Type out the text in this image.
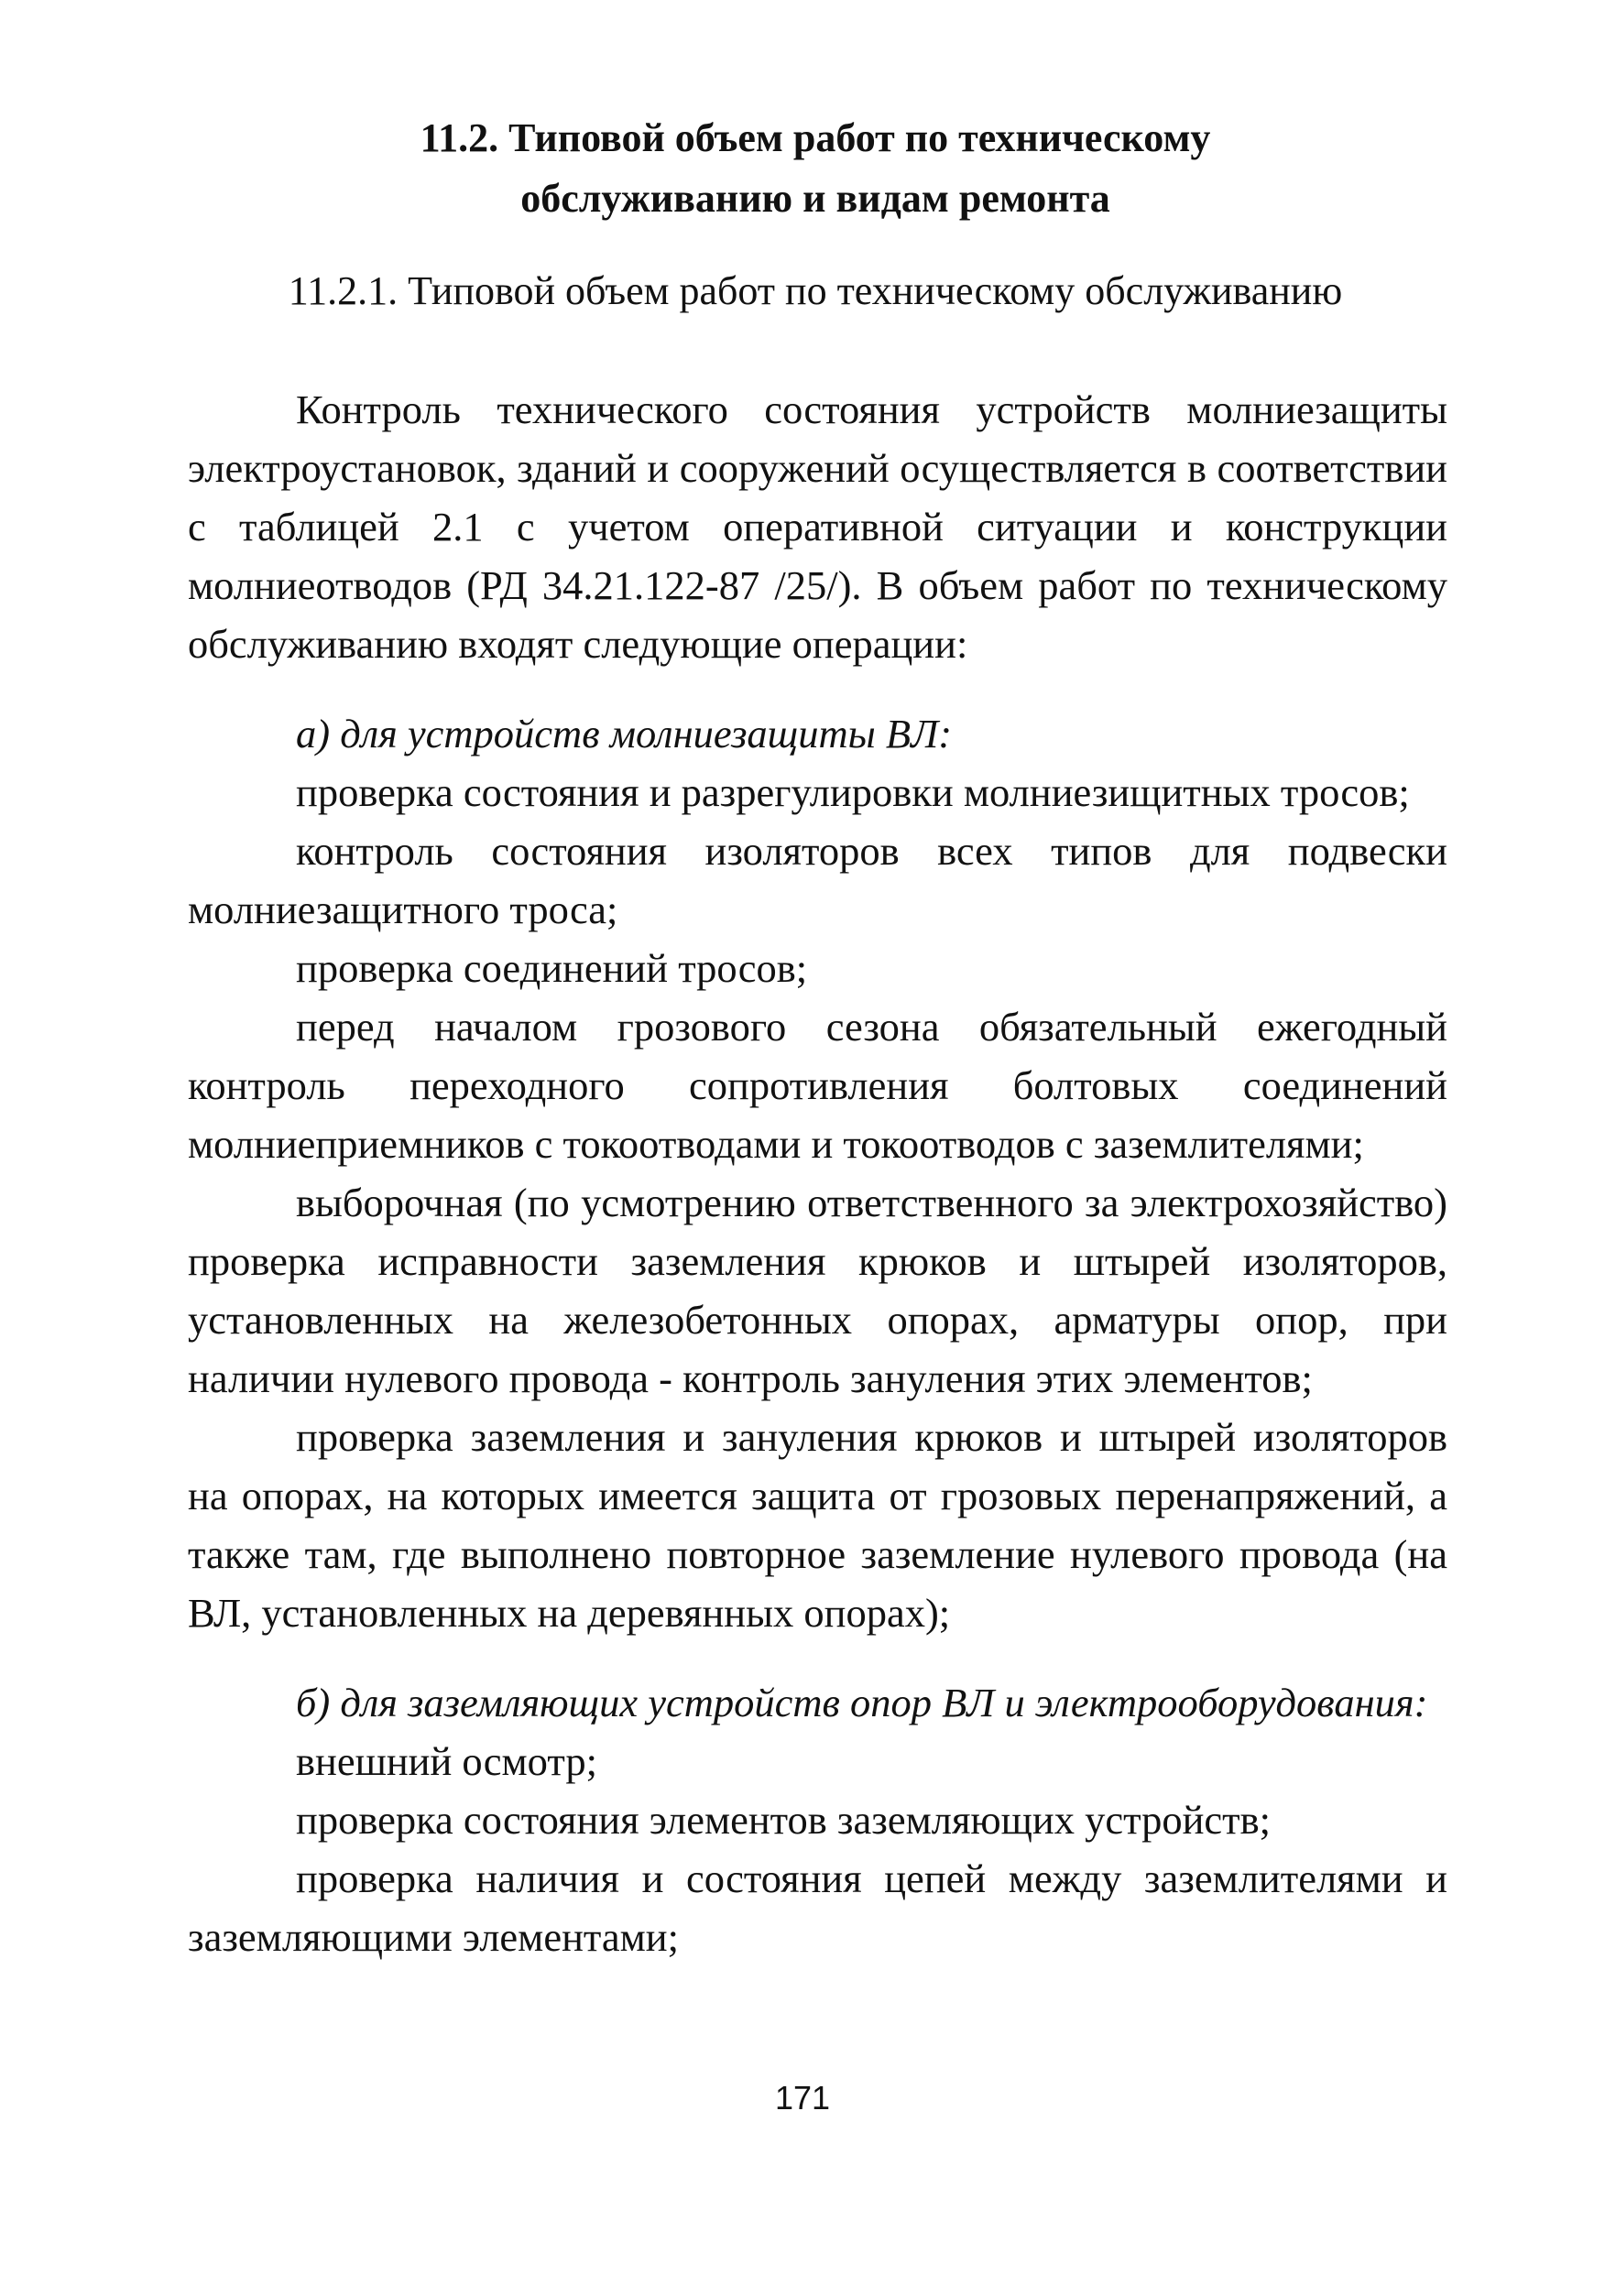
11.2. Типовой объем работ по техническому
обслуживанию и видам ремонта
11.2.1. Типовой объем работ по техническому обслуживанию

Контроль технического состояния устройств молниезащиты электроустановок, зданий и сооружений осуществляется в соответствии с таблицей 2.1 с учетом оперативной ситуации и конструкции молниеотводов (РД 34.21.122-87 /25/). В объем работ по техническому обслуживанию входят следующие операции:

а) для устройств молниезащиты ВЛ:

проверка состояния и разрегулировки молниезищитных тросов;

контроль состояния изоляторов всех типов для подвески молниезащитного троса;

проверка соединений тросов;

перед началом грозового сезона обязательный ежегодный контроль переходного сопротивления болтовых соединений молниеприемников с токоотводами и токоотводов с заземлителями;

выборочная (по усмотрению ответственного за электрохозяйство) проверка исправности заземления крюков и штырей изоляторов, установленных на железобетонных опорах, арматуры опор, при наличии нулевого провода - контроль зануления этих элементов;

проверка заземления и зануления крюков и штырей изоляторов на опорах, на которых имеется защита от грозовых перенапряжений, а также там, где выполнено повторное заземление нулевого провода (на ВЛ, установленных на деревянных опорах);

б) для заземляющих устройств опор ВЛ и электрооборудования:

внешний осмотр;

проверка состояния элементов заземляющих устройств;

проверка наличия и состояния цепей между заземлителями и заземляющими элементами;

171
